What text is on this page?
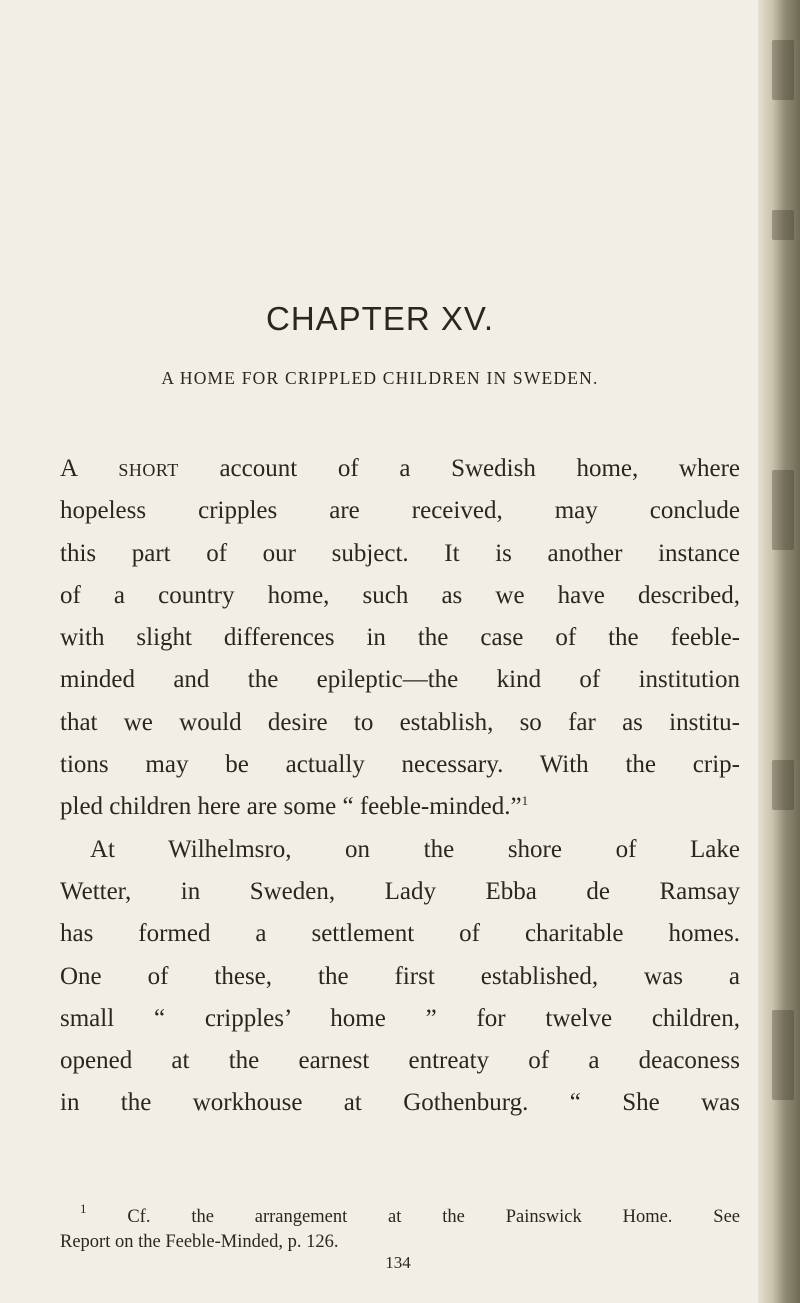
CHAPTER XV.
A HOME FOR CRIPPLED CHILDREN IN SWEDEN.
A short account of a Swedish home, where
hopeless cripples are received, may conclude
this part of our subject. It is another instance
of a country home, such as we have described,
with slight differences in the case of the feeble-
minded and the epileptic—the kind of institution
that we would desire to establish, so far as institu-
tions may be actually necessary. With the crip-
pled children here are some “ feeble-minded.”$^1$
At Wilhelmsro, on the shore of Lake
Wetter, in Sweden, Lady Ebba de Ramsay
has formed a settlement of charitable homes.
One of these, the first established, was a
small “ cripples’ home ” for twelve children,
opened at the earnest entreaty of a deaconess
in the workhouse at Gothenburg. “ She was
$^1$ Cf. the arrangement at the Painswick Home. See
Report on the Feeble-Minded, p. 126.
134
